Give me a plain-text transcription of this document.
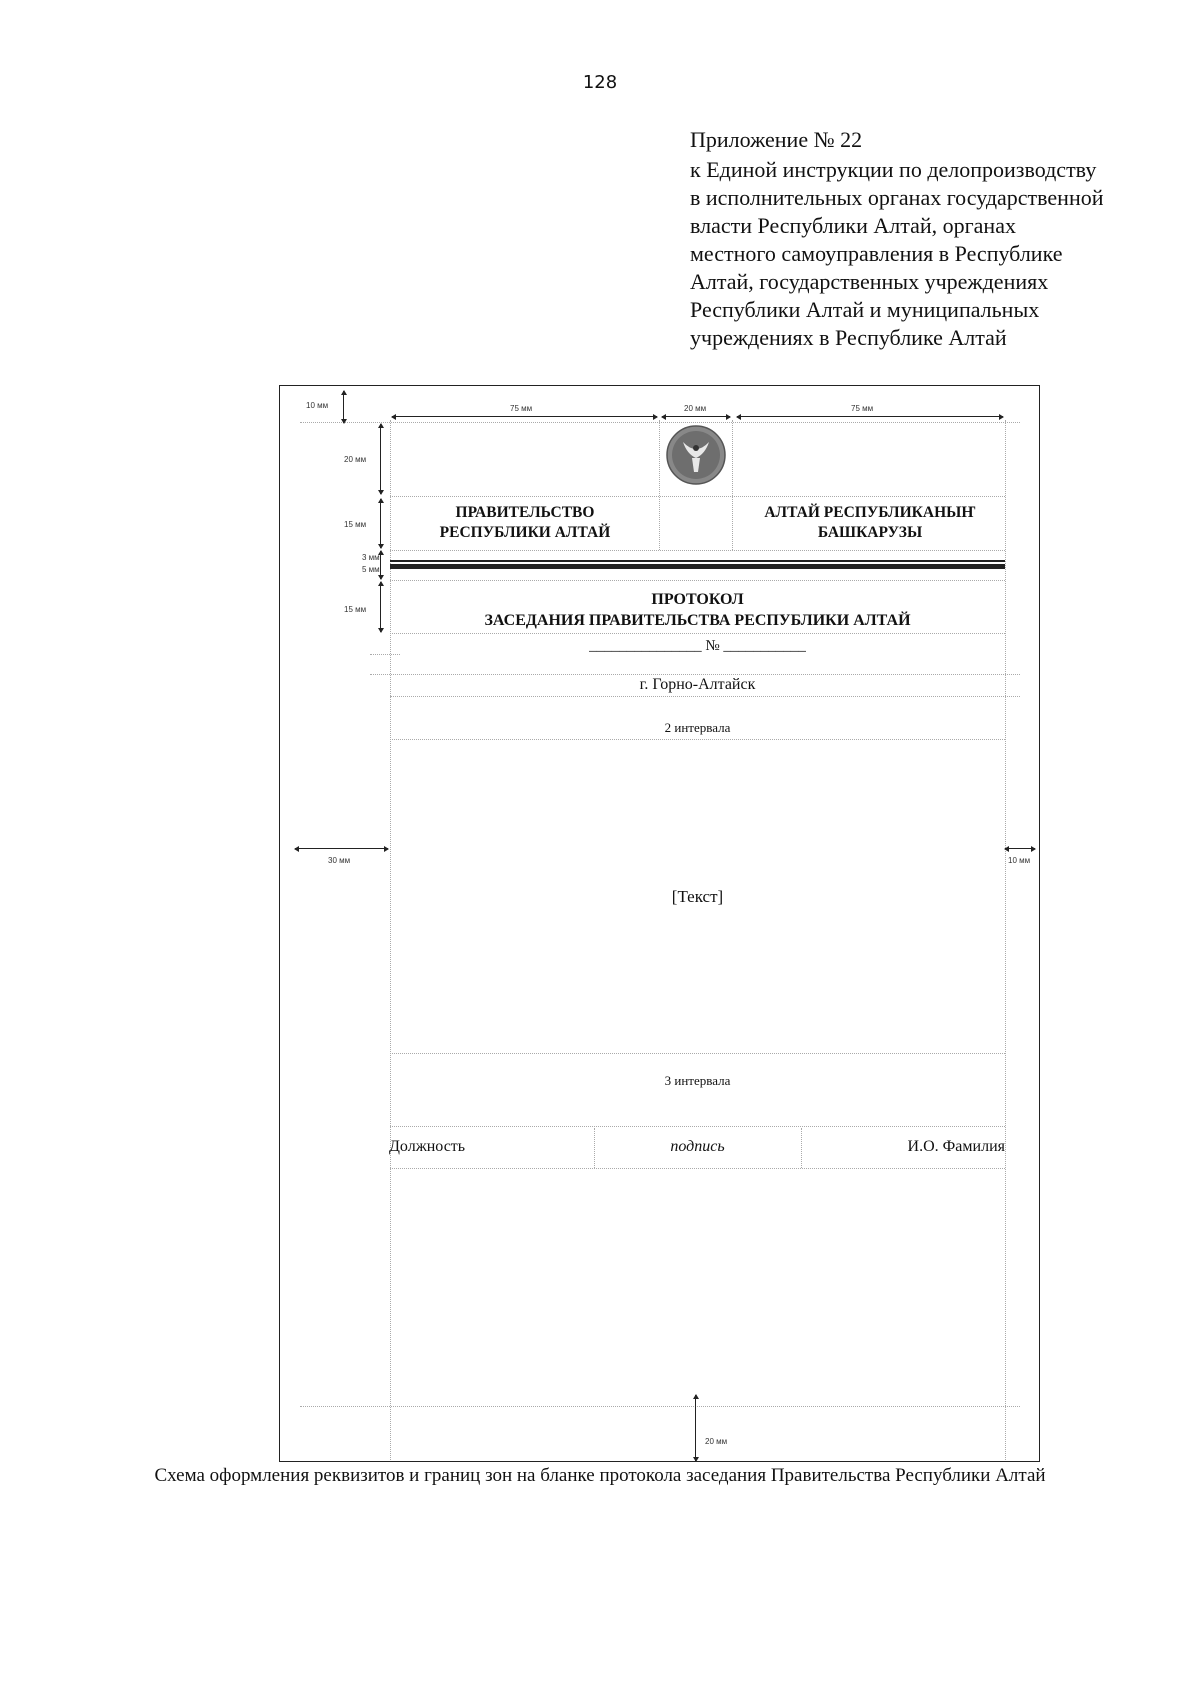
128
Приложение № 22
к Единой инструкции по делопроизводству
в исполнительных органах государственной
власти Республики Алтай, органах
местного самоуправления в Республике
Алтай, государственных учреждениях
Республики Алтай и муниципальных
учреждениях в Республике Алтай
10 мм	75 мм	20 мм	75 мм
20 мм
15 мм
3 мм
5 мм
15 мм
30 мм	10 мм
20 мм
ПРАВИТЕЛЬСТВО
РЕСПУБЛИКИ АЛТАЙ
АЛТАЙ РЕСПУБЛИКАНЫҤ
БАШКАРУЗЫ
ПРОТОКОЛ
ЗАСЕДАНИЯ ПРАВИТЕЛЬСТВА РЕСПУБЛИКИ АЛТАЙ
_______________ № ___________
г. Горно-Алтайск
2 интервала
[Текст]
3 интервала
Должность	подпись	И.О. Фамилия
Схема оформления реквизитов и границ зон на бланке протокола заседания Правительства Республики Алтай
